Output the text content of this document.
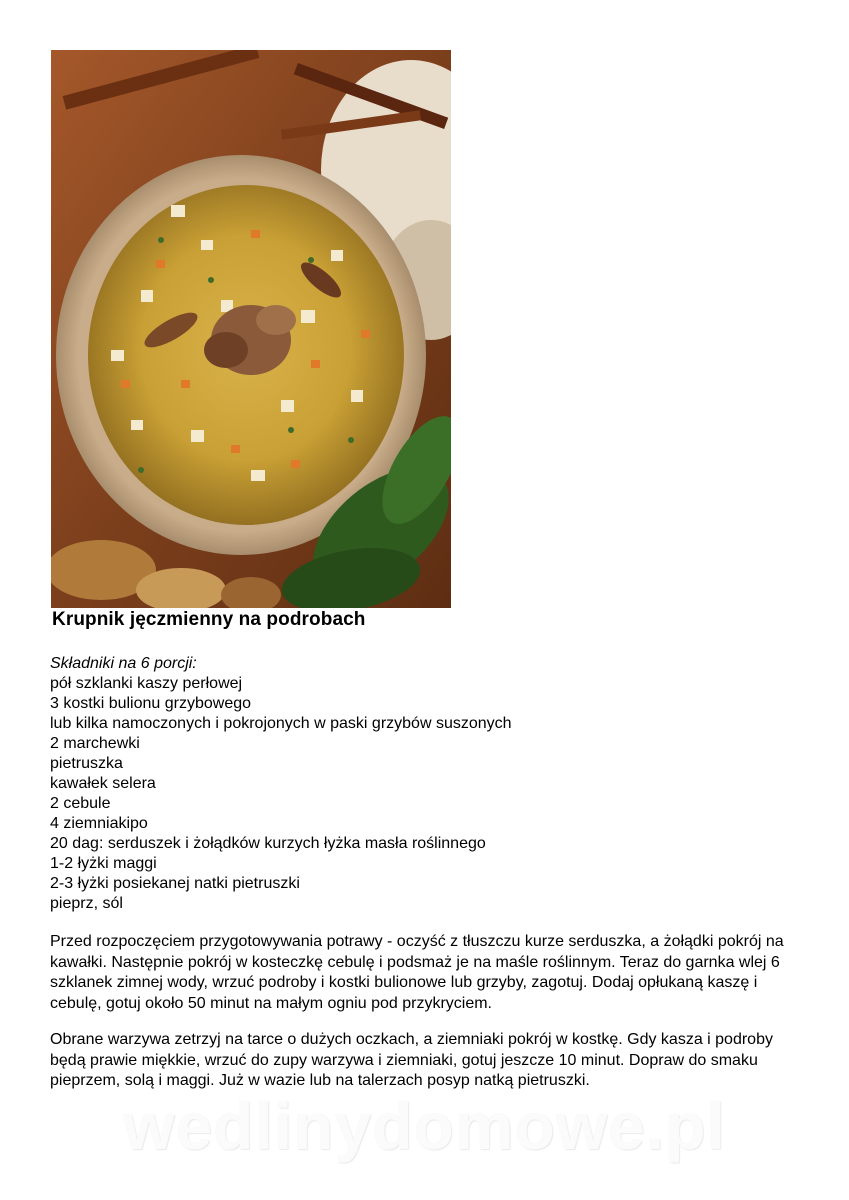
Krupnik jęczmienny na podrobach
Składniki na 6 porcji:
pół szklanki kaszy perłowej
3 kostki bulionu grzybowego
lub kilka namoczonych i pokrojonych w paski grzybów suszonych
2 marchewki
pietruszka
kawałek selera
2 cebule
4 ziemniakipo
20 dag: serduszek i żołądków kurzych łyżka masła roślinnego
1-2 łyżki maggi
2-3 łyżki posiekanej natki pietruszki
pieprz, sól
Przed rozpoczęciem przygotowywania potrawy - oczyść z tłuszczu kurze serduszka, a żołądki pokrój na kawałki. Następnie pokrój w kosteczkę cebulę i podsmaż je na maśle roślinnym. Teraz do garnka wlej 6 szklanek zimnej wody, wrzuć podroby i kostki bulionowe lub grzyby, zagotuj. Dodaj opłukaną kaszę i cebulę, gotuj około 50 minut na małym ogniu pod przykryciem.
Obrane warzywa zetrzyj na tarce o dużych oczkach, a ziemniaki pokrój w kostkę. Gdy kasza i podroby będą prawie miękkie, wrzuć do zupy warzywa i ziemniaki, gotuj jeszcze 10 minut. Dopraw do smaku pieprzem, solą i maggi. Już w wazie lub na talerzach posyp natką pietruszki.
wedlinydomowe.pl
